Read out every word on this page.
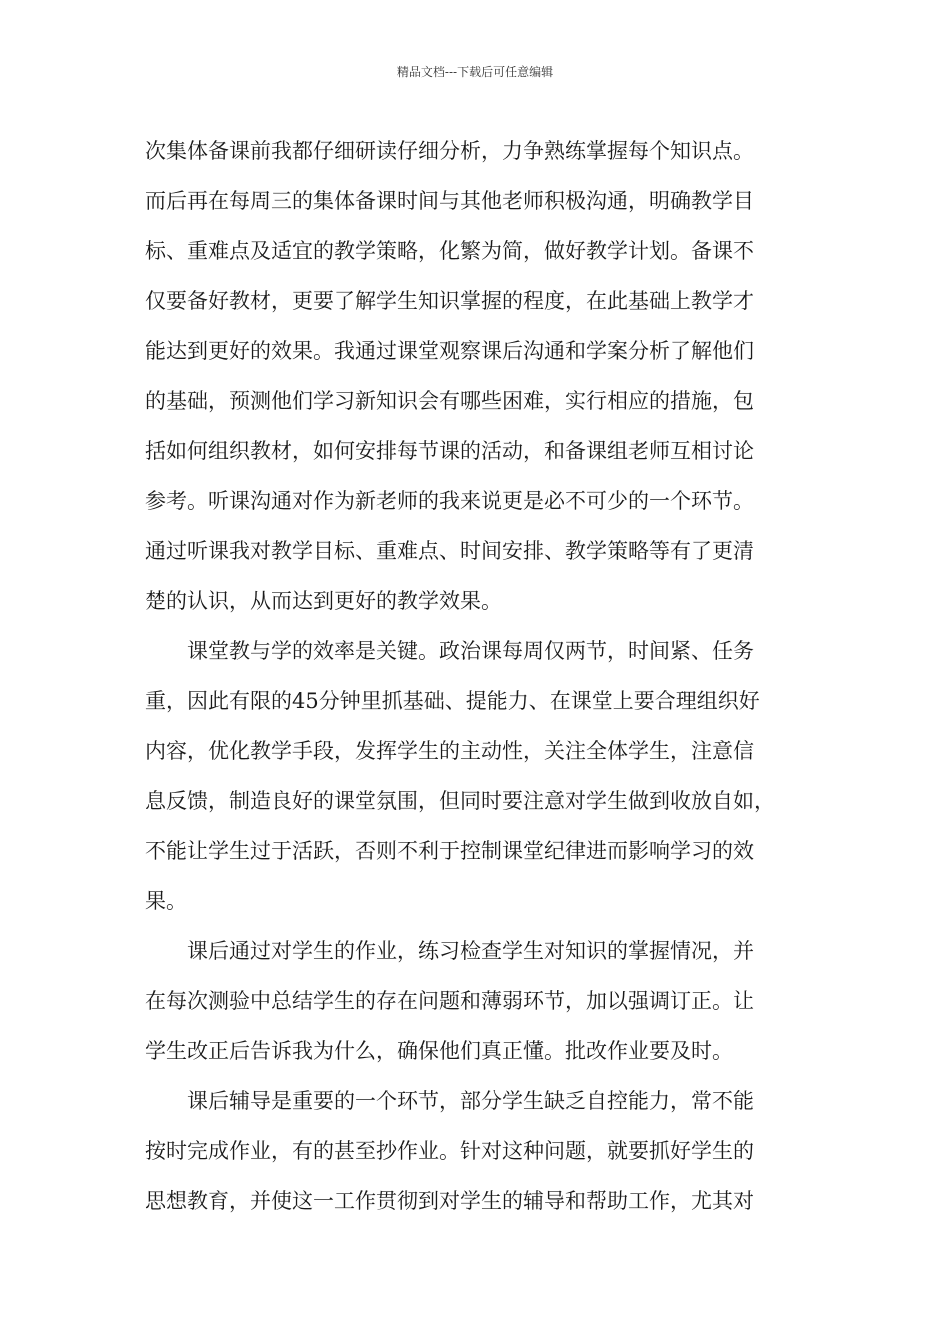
精品文档---下载后可任意编辑

次集体备课前我都仔细研读仔细分析，力争熟练掌握每个知识点。

而后再在每周三的集体备课时间与其他老师积极沟通，明确教学目

标、重难点及适宜的教学策略，化繁为简，做好教学计划。备课不

仅要备好教材，更要了解学生知识掌握的程度，在此基础上教学才

能达到更好的效果。我通过课堂观察课后沟通和学案分析了解他们

的基础，预测他们学习新知识会有哪些困难，实行相应的措施，包

括如何组织教材，如何安排每节课的活动，和备课组老师互相讨论

参考。听课沟通对作为新老师的我来说更是必不可少的一个环节。

通过听课我对教学目标、重难点、时间安排、教学策略等有了更清

楚的认识，从而达到更好的教学效果。

课堂教与学的效率是关键。政治课每周仅两节，时间紧、任务

重，因此有限的45分钟里抓基础、提能力、在课堂上要合理组织好

内容，优化教学手段，发挥学生的主动性，关注全体学生，注意信

息反馈，制造良好的课堂氛围，但同时要注意对学生做到收放自如，

不能让学生过于活跃，否则不利于控制课堂纪律进而影响学习的效

果。

课后通过对学生的作业，练习检查学生对知识的掌握情况，并

在每次测验中总结学生的存在问题和薄弱环节，加以强调订正。让

学生改正后告诉我为什么，确保他们真正懂。批改作业要及时。

课后辅导是重要的一个环节，部分学生缺乏自控能力，常不能

按时完成作业，有的甚至抄作业。针对这种问题，就要抓好学生的

思想教育，并使这一工作贯彻到对学生的辅导和帮助工作，尤其对
